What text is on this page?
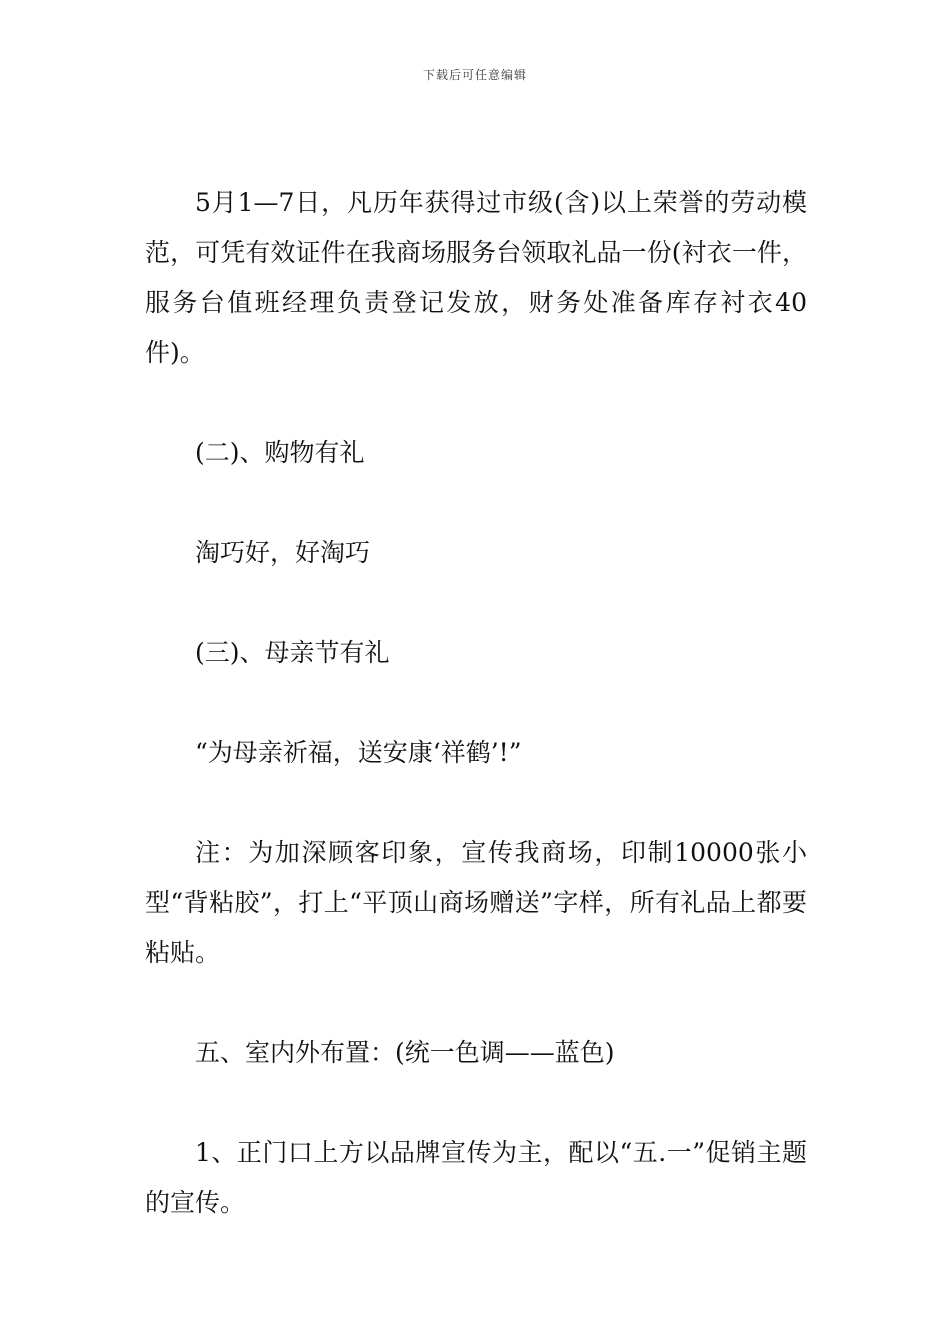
下载后可任意编辑

5月1—7日，凡历年获得过市级(含)以上荣誉的劳动模范，可凭有效证件在我商场服务台领取礼品一份(衬衣一件，服务台值班经理负责登记发放，财务处准备库存衬衣40件)。

(二)、购物有礼

淘巧好，好淘巧

(三)、母亲节有礼

“为母亲祈福，送安康‘祥鹤’!”

注：为加深顾客印象，宣传我商场，印制10000张小型“背粘胶”，打上“平顶山商场赠送”字样，所有礼品上都要粘贴。

五、室内外布置：(统一色调——蓝色)

1、正门口上方以品牌宣传为主，配以“五.一”促销主题的宣传。
